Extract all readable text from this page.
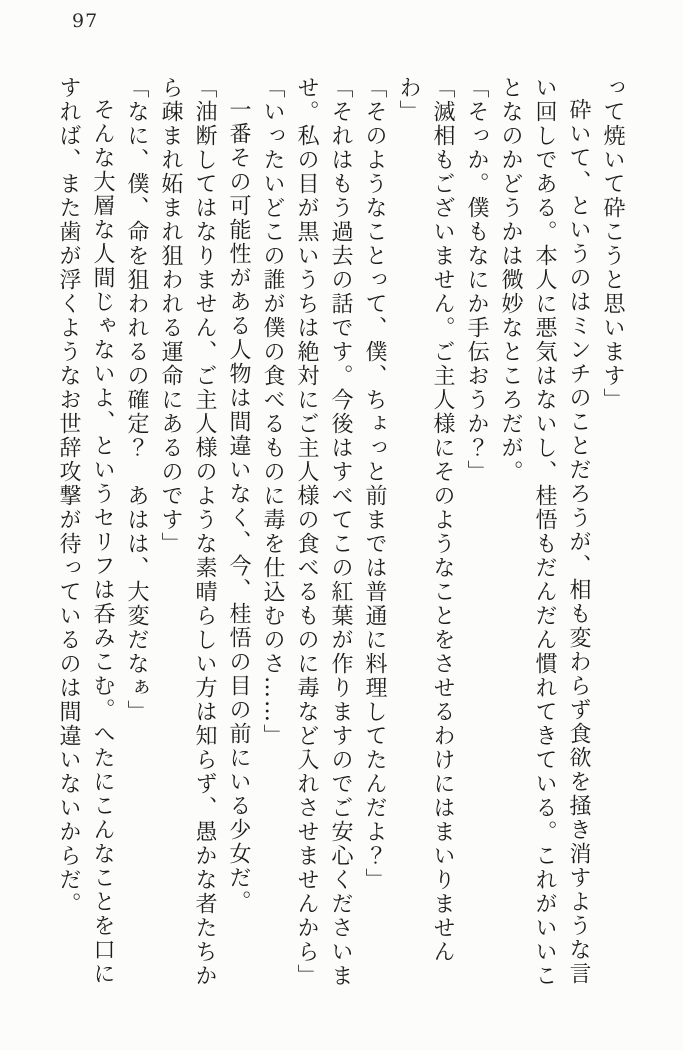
97

って焼いて砕こうと思います」

砕いて、というのはミンチのことだろうが、相も変わらず食欲を掻き消すような言い回しである。本人に悪気はないし、桂悟もだんだん慣れてきている。これがいいことなのかどうかは微妙なところだが。

「そっか。僕もなにか手伝おうか？」

「滅相もございません。ご主人様にそのようなことをさせるわけにはまいりませんわ」

「そのようなことって、僕、ちょっと前までは普通に料理してたんだよ？」

「それはもう過去の話です。今後はすべてこの紅葉が作りますのでご安心くださいませ。私の目が黒いうちは絶対にご主人様の食べるものに毒など入れさせませんから」

「いったいどこの誰が僕の食べるものに毒を仕込むのさ……」

一番その可能性がある人物は間違いなく、今、桂悟の目の前にいる少女だ。

「油断してはなりません、ご主人様のような素晴らしい方は知らず、愚かな者たちから疎まれ妬まれ狙われる運命にあるのです」

「なに、僕、命を狙われるの確定？　あはは、大変だなぁ」

そんな大層な人間じゃないよ、というセリフは呑みこむ。へたにこんなことを口にすれば、また歯が浮くようなお世辞攻撃が待っているのは間違いないからだ。
